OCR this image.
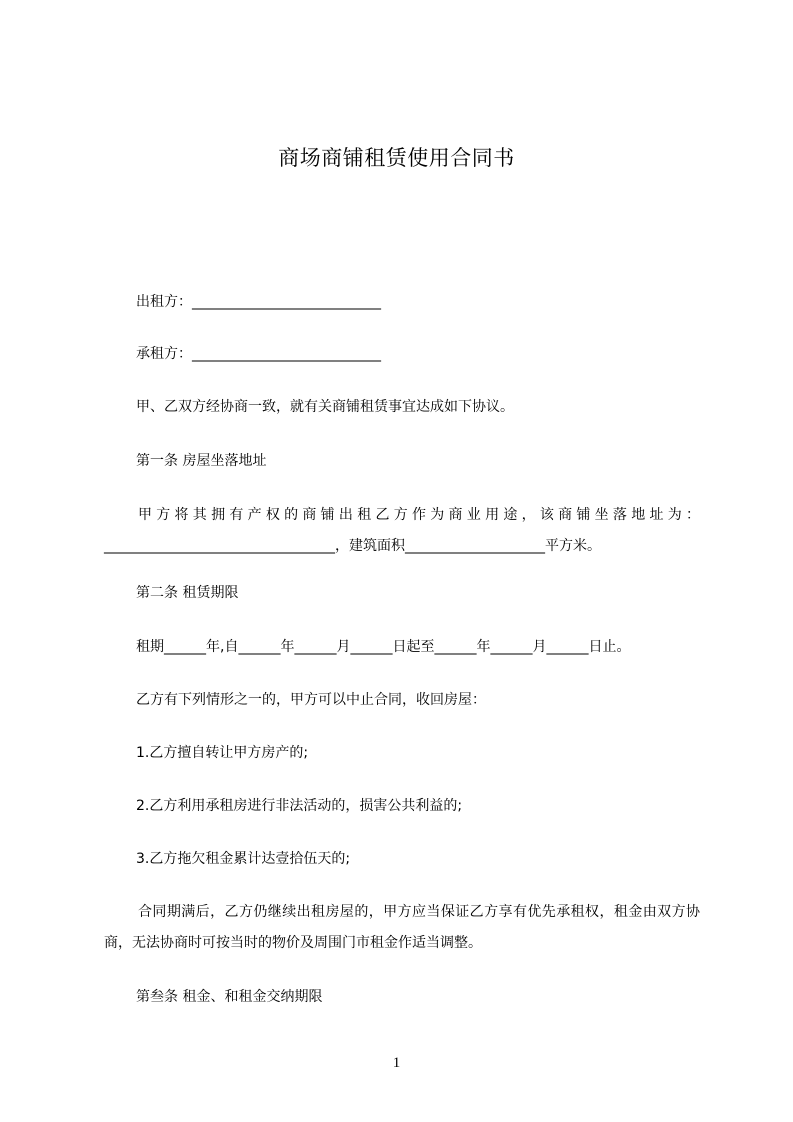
商场商铺租赁使用合同书
出租方：___________________________
承租方：___________________________
甲、乙双方经协商一致，就有关商铺租赁事宜达成如下协议。
第一条 房屋坐落地址
甲方将其拥有产权的商铺出租乙方作为商业用途，该商铺坐落地址为：_________________________________，建筑面积____________________平方米。
第二条 租赁期限
租期______年,自______年______月______日起至______年______月______日止。
乙方有下列情形之一的，甲方可以中止合同，收回房屋：
1.乙方擅自转让甲方房产的;
2.乙方利用承租房进行非法活动的，损害公共利益的;
3.乙方拖欠租金累计达壹拾伍天的;
合同期满后，乙方仍继续出租房屋的，甲方应当保证乙方享有优先承租权，租金由双方协商，无法协商时可按当时的物价及周围门市租金作适当调整。
第叁条 租金、和租金交纳期限
1
